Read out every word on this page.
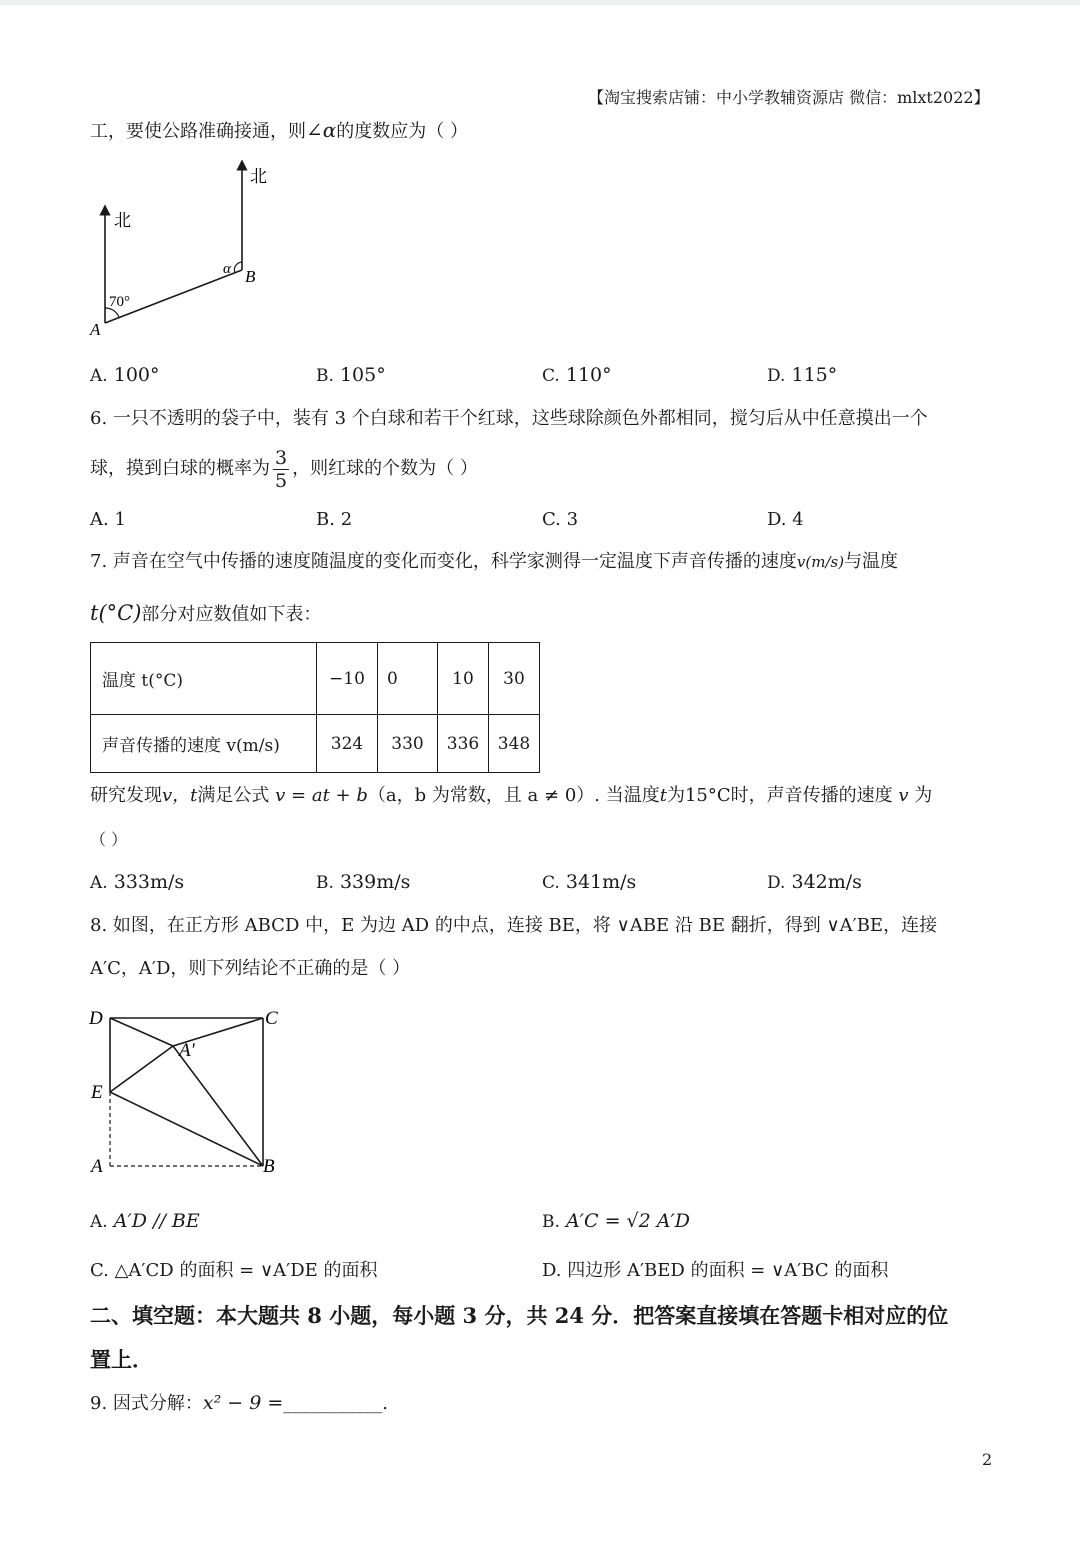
【淘宝搜索店铺：中小学教辅资源店 微信：mlxt2022】
工，要使公路准确接通，则∠α的度数应为（ ）
北
北
70°
α
A
B
A. 100°	B. 105°	C. 110°	D. 115°
6. 一只不透明的袋子中，装有 3 个白球和若干个红球，这些球除颜色外都相同，搅匀后从中任意摸出一个
球，摸到白球的概率为 $\frac{3}{5}$ ，则红球的个数为（ ）
A. 1	B. 2	C. 3	D. 4
7. 声音在空气中传播的速度随温度的变化而变化，科学家测得一定温度下声音传播的速度v(m/s)与温度
t(°C)部分对应数值如下表：
温度 t(°C)	−10	0	10	30
声音传播的速度 v(m/s)	324	330	336	348
研究发现v，t满足公式 v = at + b（a，b 为常数，且 a ≠ 0）. 当温度t为15°C时，声音传播的速度 v 为
（ ）
A. 333m/s	B. 339m/s	C. 341m/s	D. 342m/s
8. 如图，在正方形 ABCD 中，E 为边 AD 的中点，连接 BE，将 ∨ABE 沿 BE 翻折，得到 ∨A′BE，连接
A′C，A′D，则下列结论不正确的是（ ）
D	C
A′
E
A	B
A. A′D // BE	B. A′C = √2 A′D
C. △A′CD 的面积 = ∨A′DE 的面积	D. 四边形 A′BED 的面积 = ∨A′BC 的面积
二、填空题：本大题共 8 小题，每小题 3 分，共 24 分．把答案直接填在答题卡相对应的位
置上．
9. 因式分解：x² − 9 =___________.
2
